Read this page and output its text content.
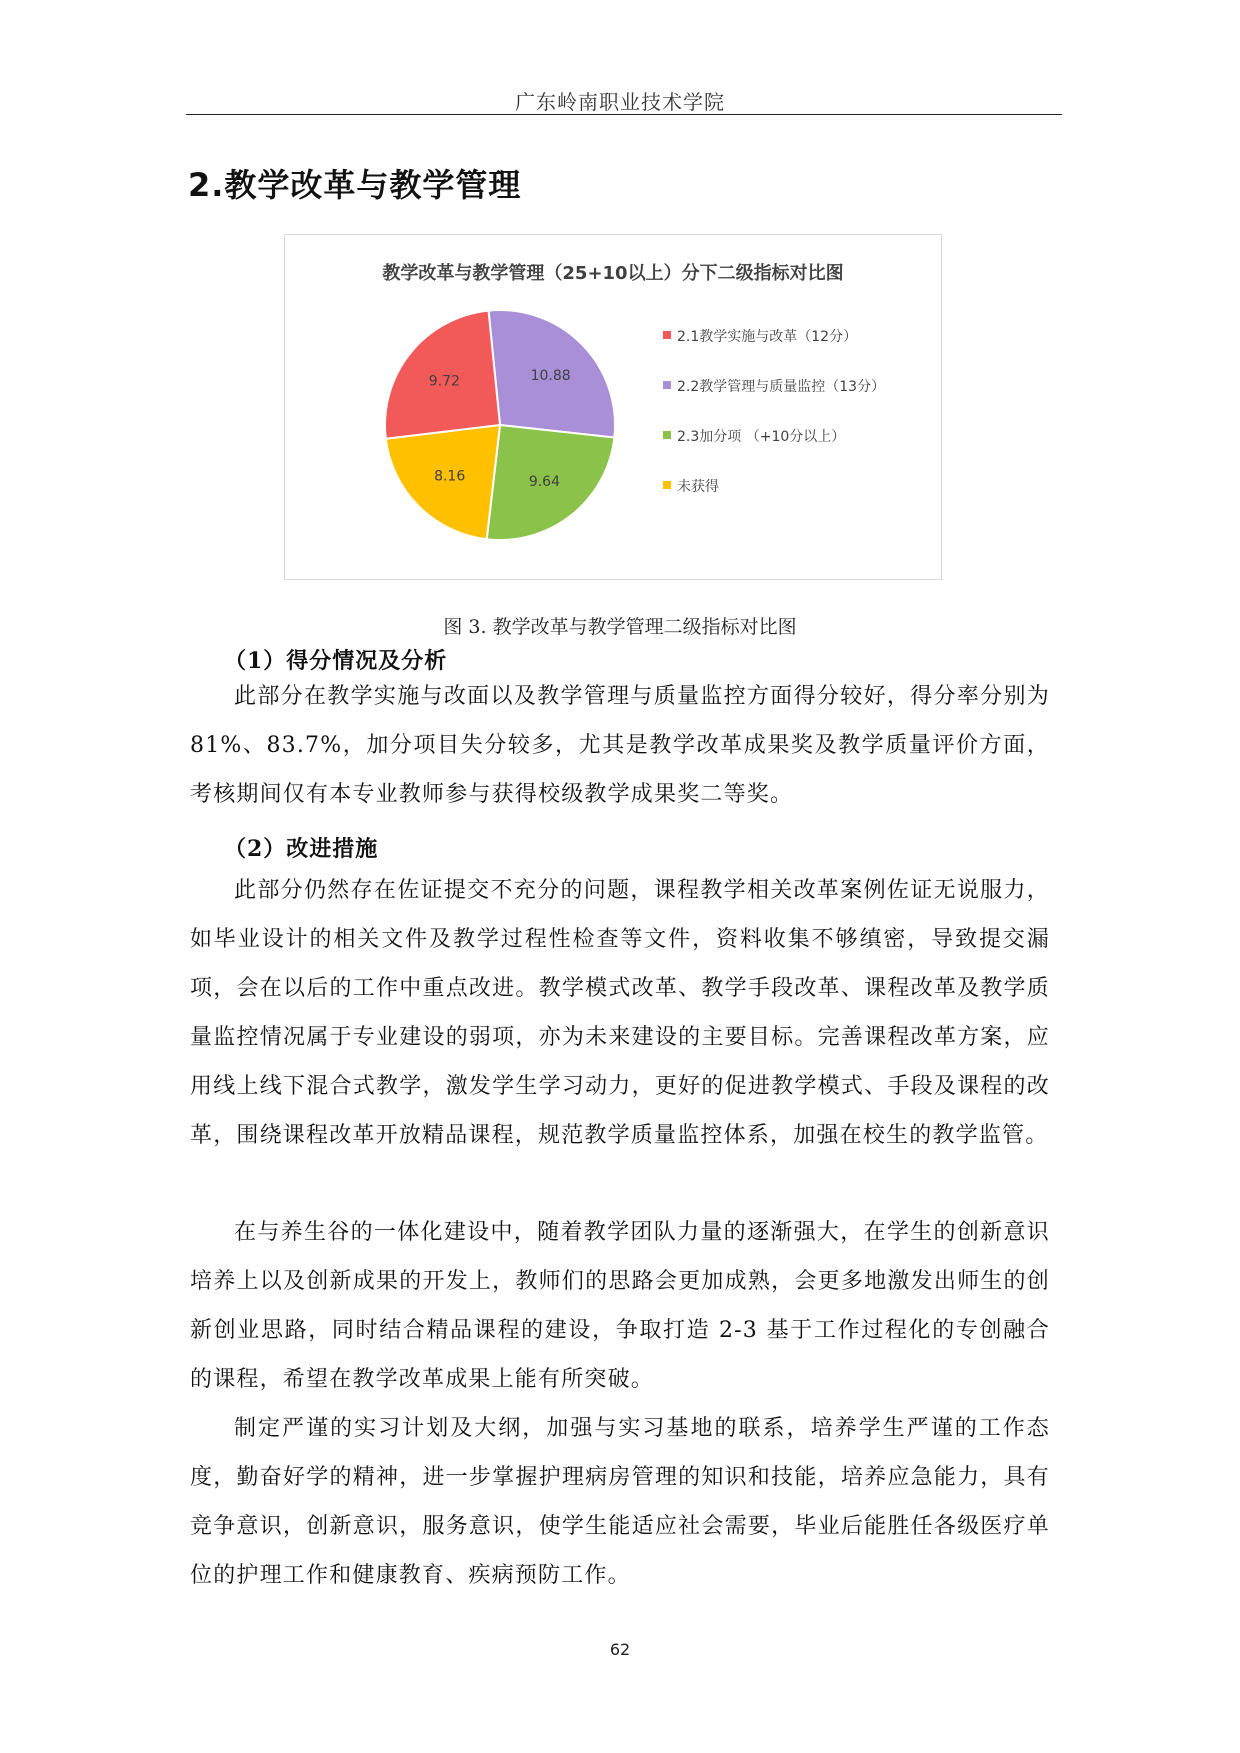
广东岭南职业技术学院
2.教学改革与教学管理
教学改革与教学管理（25+10以上）分下二级指标对比图
10.88
9.64
8.16
9.72
2.1教学实施与改革（12分）
2.2教学管理与质量监控（13分）
2.3加分项 （+10分以上）
未获得
图 3. 教学改革与教学管理二级指标对比图
（1）得分情况及分析

此部分在教学实施与改面以及教学管理与质量监控方面得分较好，得分率分别为 81%、83.7%，加分项目失分较多，尤其是教学改革成果奖及教学质量评价方面，考核期间仅有本专业教师参与获得校级教学成果奖二等奖。

（2）改进措施

此部分仍然存在佐证提交不充分的问题，课程教学相关改革案例佐证无说服力，如毕业设计的相关文件及教学过程性检查等文件，资料收集不够缜密，导致提交漏项，会在以后的工作中重点改进。教学模式改革、教学手段改革、课程改革及教学质量监控情况属于专业建设的弱项，亦为未来建设的主要目标。完善课程改革方案，应用线上线下混合式教学，激发学生学习动力，更好的促进教学模式、手段及课程的改革，围绕课程改革开放精品课程，规范教学质量监控体系，加强在校生的教学监管。

在与养生谷的一体化建设中，随着教学团队力量的逐渐强大，在学生的创新意识培养上以及创新成果的开发上，教师们的思路会更加成熟，会更多地激发出师生的创新创业思路，同时结合精品课程的建设，争取打造 2-3 基于工作过程化的专创融合的课程，希望在教学改革成果上能有所突破。

制定严谨的实习计划及大纲，加强与实习基地的联系，培养学生严谨的工作态度，勤奋好学的精神，进一步掌握护理病房管理的知识和技能，培养应急能力，具有竞争意识，创新意识，服务意识，使学生能适应社会需要，毕业后能胜任各级医疗单位的护理工作和健康教育、疾病预防工作。

62
